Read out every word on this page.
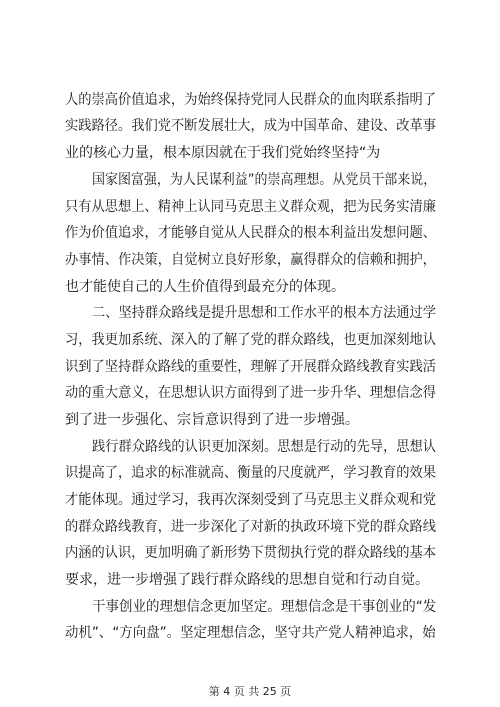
人的崇高价值追求，为始终保持党同人民群众的血肉联系指明了
实践路径。我们党不断发展壮大，成为中国革命、建设、改革事
业的核心力量，根本原因就在于我们党始终坚持“为
国家图富强，为人民谋利益”的崇高理想。从党员干部来说，
只有从思想上、精神上认同马克思主义群众观，把为民务实清廉
作为价值追求，才能够自觉从人民群众的根本利益出发想问题、
办事情、作决策，自觉树立良好形象，赢得群众的信赖和拥护，
也才能使自己的人生价值得到最充分的体现。
二、坚持群众路线是提升思想和工作水平的根本方法通过学
习，我更加系统、深入的了解了党的群众路线，也更加深刻地认
识到了坚持群众路线的重要性，理解了开展群众路线教育实践活
动的重大意义，在思想认识方面得到了进一步升华、理想信念得
到了进一步强化、宗旨意识得到了进一步增强。
践行群众路线的认识更加深刻。思想是行动的先导，思想认
识提高了，追求的标准就高、衡量的尺度就严，学习教育的效果
才能体现。通过学习，我再次深刻受到了马克思主义群众观和党
的群众路线教育，进一步深化了对新的执政环境下党的群众路线
内涵的认识，更加明确了新形势下贯彻执行党的群众路线的基本
要求，进一步增强了践行群众路线的思想自觉和行动自觉。
干事创业的理想信念更加坚定。理想信念是干事创业的“发
动机”、“方向盘”。坚定理想信念，坚守共产党人精神追求，始
第 4 页 共 25 页
